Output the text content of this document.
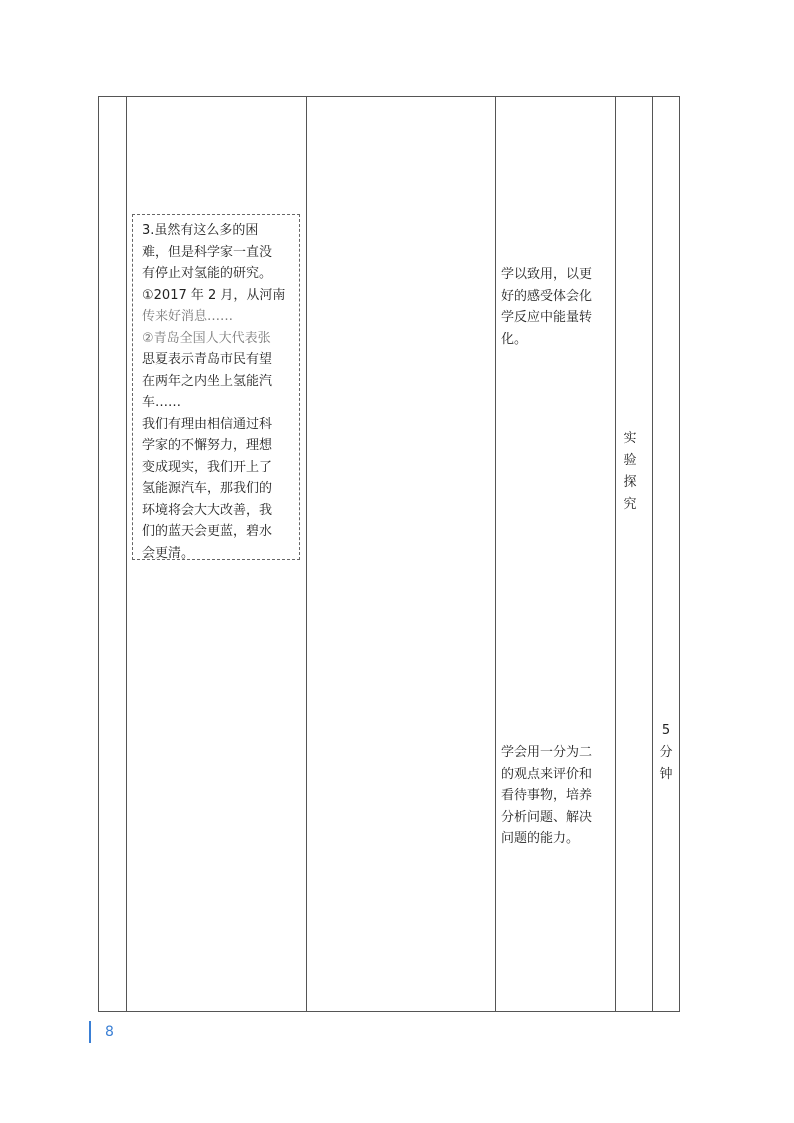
3.虽然有这么多的困
难，但是科学家一直没
有停止对氢能的研究。
①2017 年 2 月，从河南
传来好消息……
②青岛全国人大代表张
思夏表示青岛市民有望
在两年之内坐上氢能汽
车……
我们有理由相信通过科
学家的不懈努力，理想
变成现实，我们开上了
氢能源汽车，那我们的
环境将会大大改善，我
们的蓝天会更蓝，碧水
会更清。
学以致用，以更
好的感受体会化
学反应中能量转
化。
学会用一分为二
的观点来评价和
看待事物，培养
分析问题、解决
问题的能力。
实
验
探
究
5
分
钟
8
